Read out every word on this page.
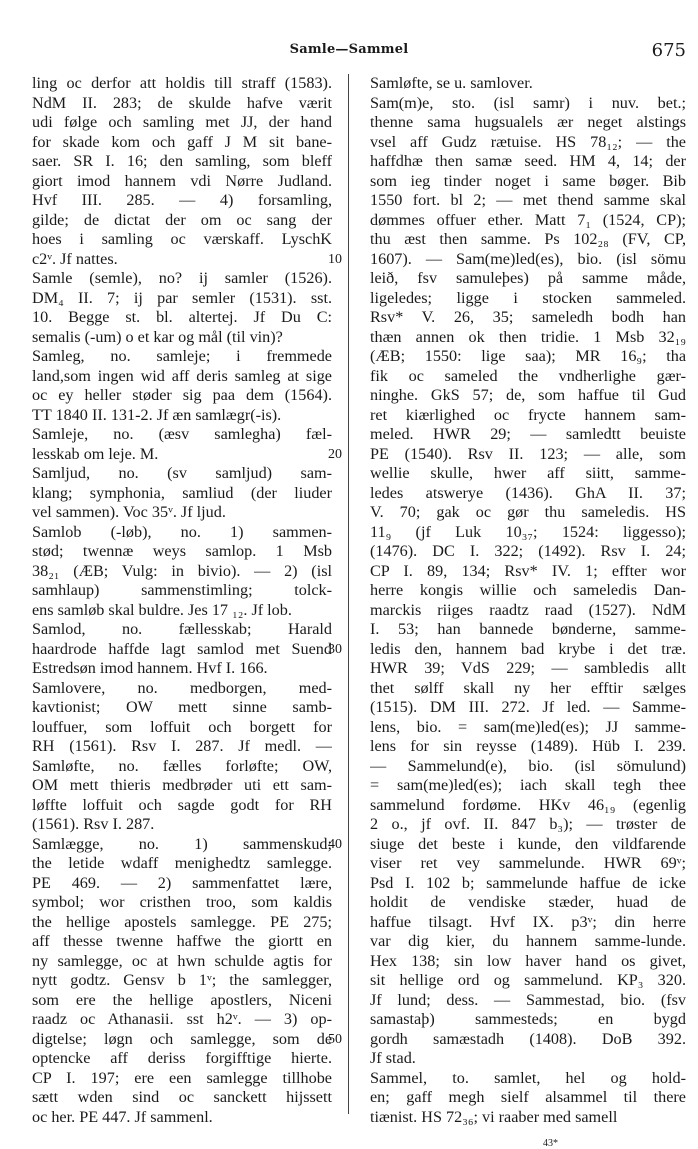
Samle—Sammel	675
ling oc derfor att holdis till straff (1583).
NdM II. 283; de skulde hafve værit
udi følge och samling met JJ, der hand
for skade kom och gaff J M sit bane-
saer. SR I. 16; den samling, som bleff
giort imod hannem vdi Nørre Judland.
Hvf III. 285. — 4) forsamling,
gilde; de dictat der om oc sang der
hoes i samling oc værskaff. LyschK
c2ᵛ. Jf nattes.
Samle (semle), no? ij samler (1526).
DM₄ II. 7; ij par semler (1531). sst.
10. Begge st. bl. altertej. Jf Du C:
semalis (-um) o et kar og mål (til vin)?
Samleg, no. samleje; i fremmede
land,som ingen wid aff deris samleg at sige
oc ey heller støder sig paa dem (1564).
TT 1840 II. 131-2. Jf æn samlægr(-is).
Samleje, no. (æsv samlegha) fæl-
lesskab om leje. M.
Samljud, no. (sv samljud) sam-
klang; symphonia, samliud (der liuder
vel sammen). Voc 35ᵛ. Jf ljud.
Samlob (-løb), no. 1) sammen-
stød; twennæ weys samlop. 1 Msb
38₂₁ (ÆB; Vulg: in bivio). — 2) (isl
samhlaup) sammenstimling; tolck-
ens samløb skal buldre. Jes 17 ₁₂. Jf lob.
Samlod, no. fællesskab; Harald
haardrode haffde lagt samlod met Suend
Estredsøn imod hannem. Hvf I. 166.
Samlovere, no. medborgen, med-
kavtionist; OW mett sinne samb-
louffuer, som loffuit och borgett for
RH (1561). Rsv I. 287. Jf medl. —
Samløfte, no. fælles forløfte; OW,
OM mett thieris medbrøder uti ett sam-
løffte loffuit och sagde godt for RH
(1561). Rsv I. 287.
Samlægge, no. 1) sammenskud;
the letide wdaff menighedtz samlegge.
PE 469. — 2) sammenfattet lære,
symbol; wor cristhen troo, som kaldis
the hellige apostels samlegge. PE 275;
aff thesse twenne haffwe the giortt en
ny samlegge, oc at hwn schulde agtis for
nytt godtz. Gensv b 1ᵛ; the samlegger,
som ere the hellige apostlers, Niceni
raadz oc Athanasii. sst h2ᵛ. — 3) op-
digtelse; løgn och samlegge, som de
optencke aff deriss forgifftige hierte.
CP I. 197; ere een samlegge tillhobe
sætt wden sind oc sanckett hijssett
oc her. PE 447. Jf sammenl.
10
20
30
40
50
Samløfte, se u. samlover.
Sam(m)e, sto. (isl samr) i nuv. bet.;
thenne sama hugsualels ær neget alstings
vsel aff Gudz rætuise. HS 78₁₂; — the
haffdhæ then samæ seed. HM 4, 14; der
som ieg tinder noget i same bøger. Bib
1550 fort. bl 2; — met thend samme skal
dømmes offuer ether. Matt 7₁ (1524, CP);
thu æst then samme. Ps 102₂₈ (FV, CP,
1607). — Sam(me)led(es), bio. (isl sömu
leið, fsv samuleþes) på samme måde,
ligeledes; ligge i stocken sammeled.
Rsv* V. 26, 35; sameledh bodh han
thæn annen ok then tridie. 1 Msb 32₁₉
(ÆB; 1550: lige saa); MR 16₉; tha
fik oc sameled the vndherlighe gær-
ninghe. GkS 57; de, som haffue til Gud
ret kiærlighed oc frycte hannem sam-
meled. HWR 29; — samledtt beuiste
PE (1540). Rsv II. 123; — alle, som
wellie skulle, hwer aff siitt, samme-
ledes atswerye (1436). GhA II. 37;
V. 70; gak oc gør thu sameledis. HS
11₉ (jf Luk 10₃₇; 1524: liggesso);
(1476). DC I. 322; (1492). Rsv I. 24;
CP I. 89, 134; Rsv* IV. 1; effter wor
herre kongis willie och sameledis Dan-
marckis riiges raadtz raad (1527). NdM
I. 53; han bannede bønderne, samme-
ledis den, hannem bad krybe i det træ.
HWR 39; VdS 229; — sambledis allt
thet sølff skall ny her efftir sælges
(1515). DM III. 272. Jf led. — Samme-
lens, bio. = sam(me)led(es); JJ samme-
lens for sin reysse (1489). Hüb I. 239.
— Sammelund(e), bio. (isl sömulund)
= sam(me)led(es); iach skall tegh thee
sammelund fordøme. HKv 46₁₉ (egenlig
2 o., jf ovf. II. 847 b₃); — trøster de
siuge det beste i kunde, den vildfarende
viser ret vey sammelunde. HWR 69ᵛ;
Psd I. 102 b; sammelunde haffue de icke
holdit de vendiske stæder, huad de
haffue tilsagt. Hvf IX. p3ᵛ; din herre
var dig kier, du hannem samme-lunde.
Hex 138; sin low haver hand os givet,
sit hellige ord og sammelund. KP₃ 320.
Jf lund; dess. — Sammestad, bio. (fsv
samastaþ) sammesteds; en bygd
gordh samæstadh (1408). DoB 392.
Jf stad.
Sammel, to. samlet, hel og hold-
en; gaff megh sielf alsammel til there
tiænist. HS 72₃₆; vi raaber med samell
43*
